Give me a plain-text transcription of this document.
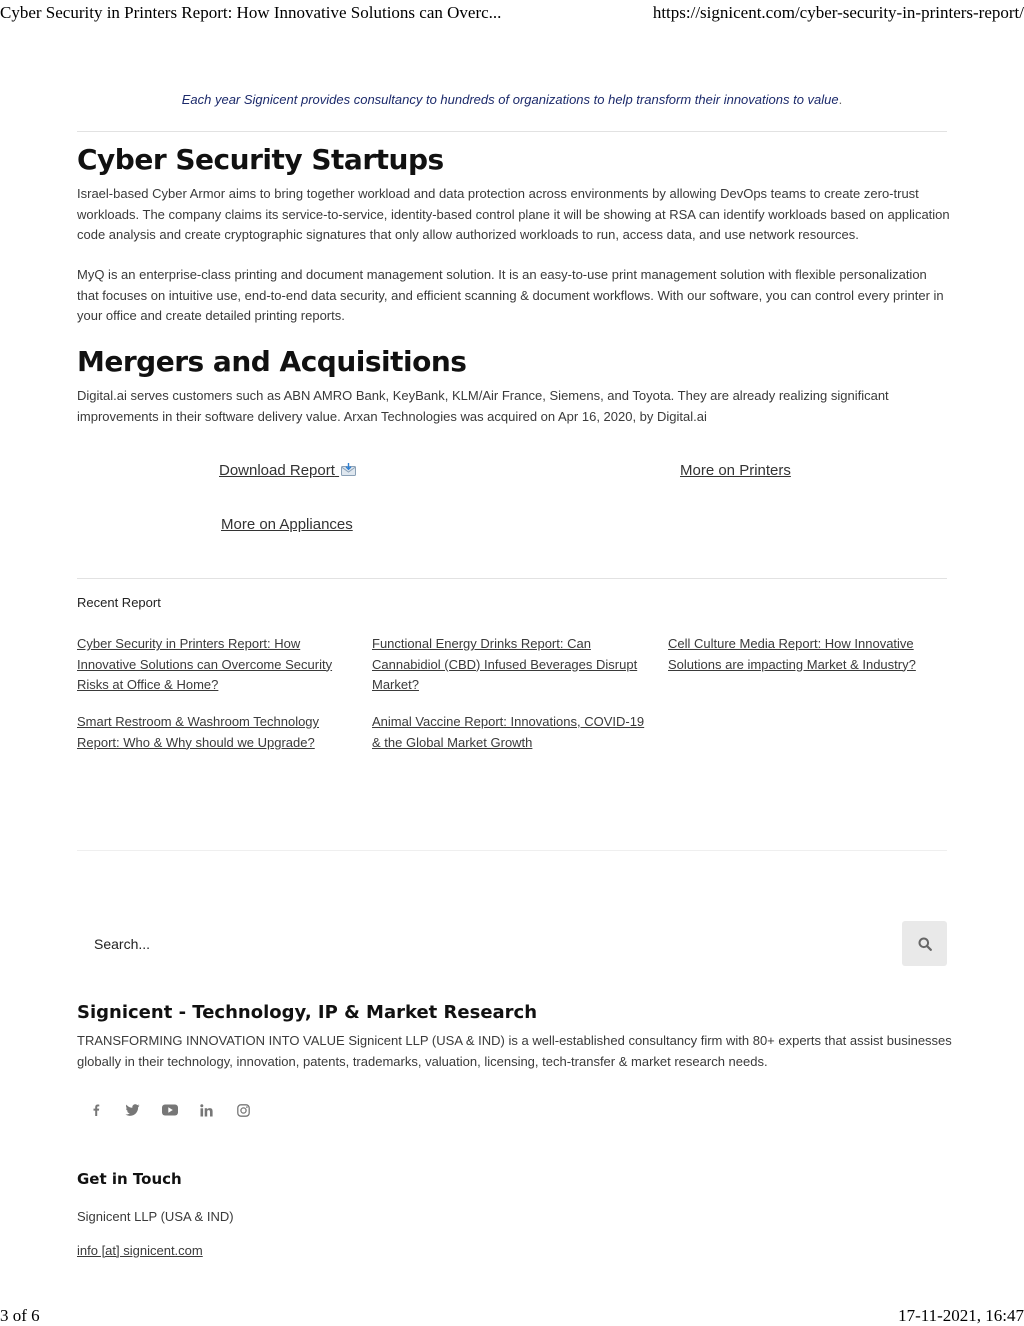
Cyber Security in Printers Report: How Innovative Solutions can Overc...	https://signicent.com/cyber-security-in-printers-report/
Each year Signicent provides consultancy to hundreds of organizations to help transform their innovations to value.
Cyber Security Startups

Israel-based Cyber Armor aims to bring together workload and data protection across environments by allowing DevOps teams to create zero-trust workloads. The company claims its service-to-service, identity-based control plane it will be showing at RSA can identify workloads based on application code analysis and create cryptographic signatures that only allow authorized workloads to run, access data, and use network resources.

MyQ is an enterprise-class printing and document management solution. It is an easy-to-use print management solution with flexible personalization that focuses on intuitive use, end-to-end data security, and efficient scanning & document workflows. With our software, you can control every printer in your office and create detailed printing reports.

Mergers and Acquisitions

Digital.ai serves customers such as ABN AMRO Bank, KeyBank, KLM/Air France, Siemens, and Toyota. They are already realizing significant improvements in their software delivery value. Arxan Technologies was acquired on Apr 16, 2020, by Digital.ai

Download Report	More on Printers
More on Appliances
Recent Report
Cyber Security in Printers Report: How Innovative Solutions can Overcome Security Risks at Office & Home?
Functional Energy Drinks Report: Can Cannabidiol (CBD) Infused Beverages Disrupt Market?
Cell Culture Media Report: How Innovative Solutions are impacting Market & Industry?
Smart Restroom & Washroom Technology Report: Who & Why should we Upgrade?
Animal Vaccine Report: Innovations, COVID-19 & the Global Market Growth
Search...
Signicent - Technology, IP & Market Research

TRANSFORMING INNOVATION INTO VALUE Signicent LLP (USA & IND) is a well-established consultancy firm with 80+ experts that assist businesses globally in their technology, innovation, patents, trademarks, valuation, licensing, tech-transfer & market research needs.

Get in Touch
Signicent LLP (USA & IND)
info [at] signicent.com
3 of 6	17-11-2021, 16:47
